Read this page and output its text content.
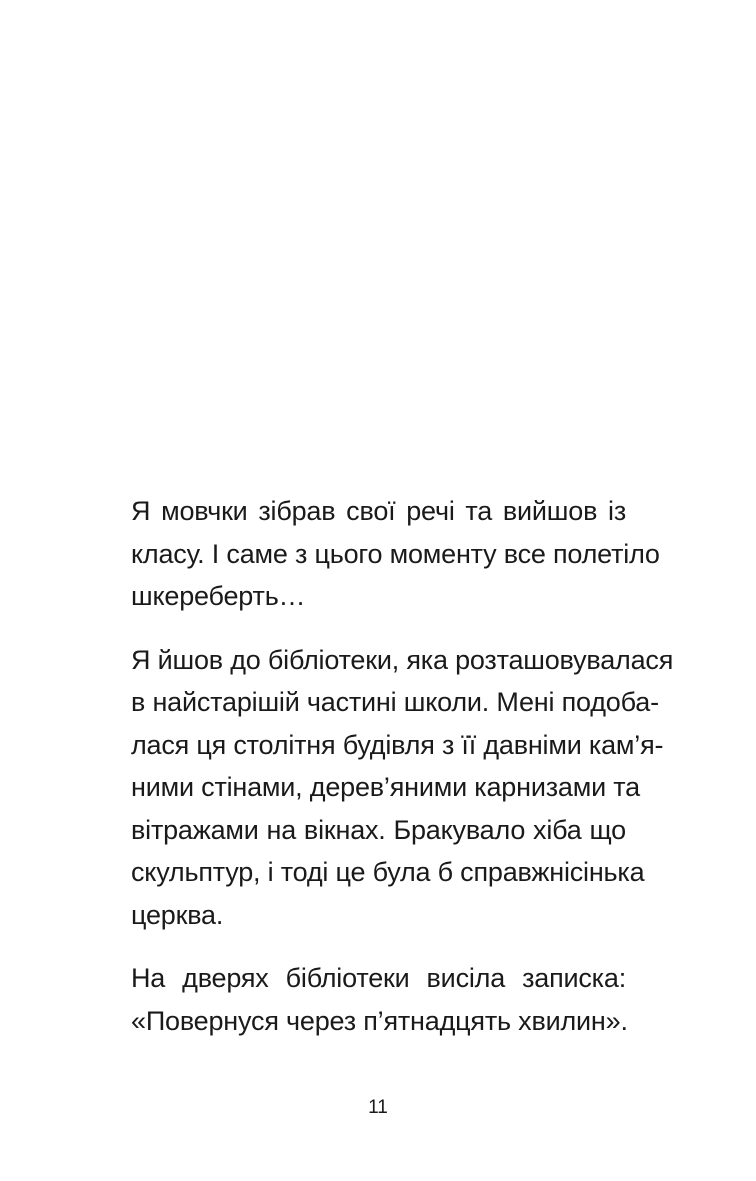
Я мовчки зібрав свої речі та вийшов із
класу. І саме з цього моменту все полетіло
шкереберть…

Я йшов до бібліотеки, яка розташовувалася
в найстарішій частині школи. Мені подоба-
лася ця столітня будівля з її давніми кам’я-
ними стінами, дерев’яними карнизами та
вітражами на вікнах. Бракувало хіба що
скульптур, і тоді це була б справжнісінька
церква.

На дверях бібліотеки висіла записка:
«Повернуся через п’ятнадцять хвилин».

11
